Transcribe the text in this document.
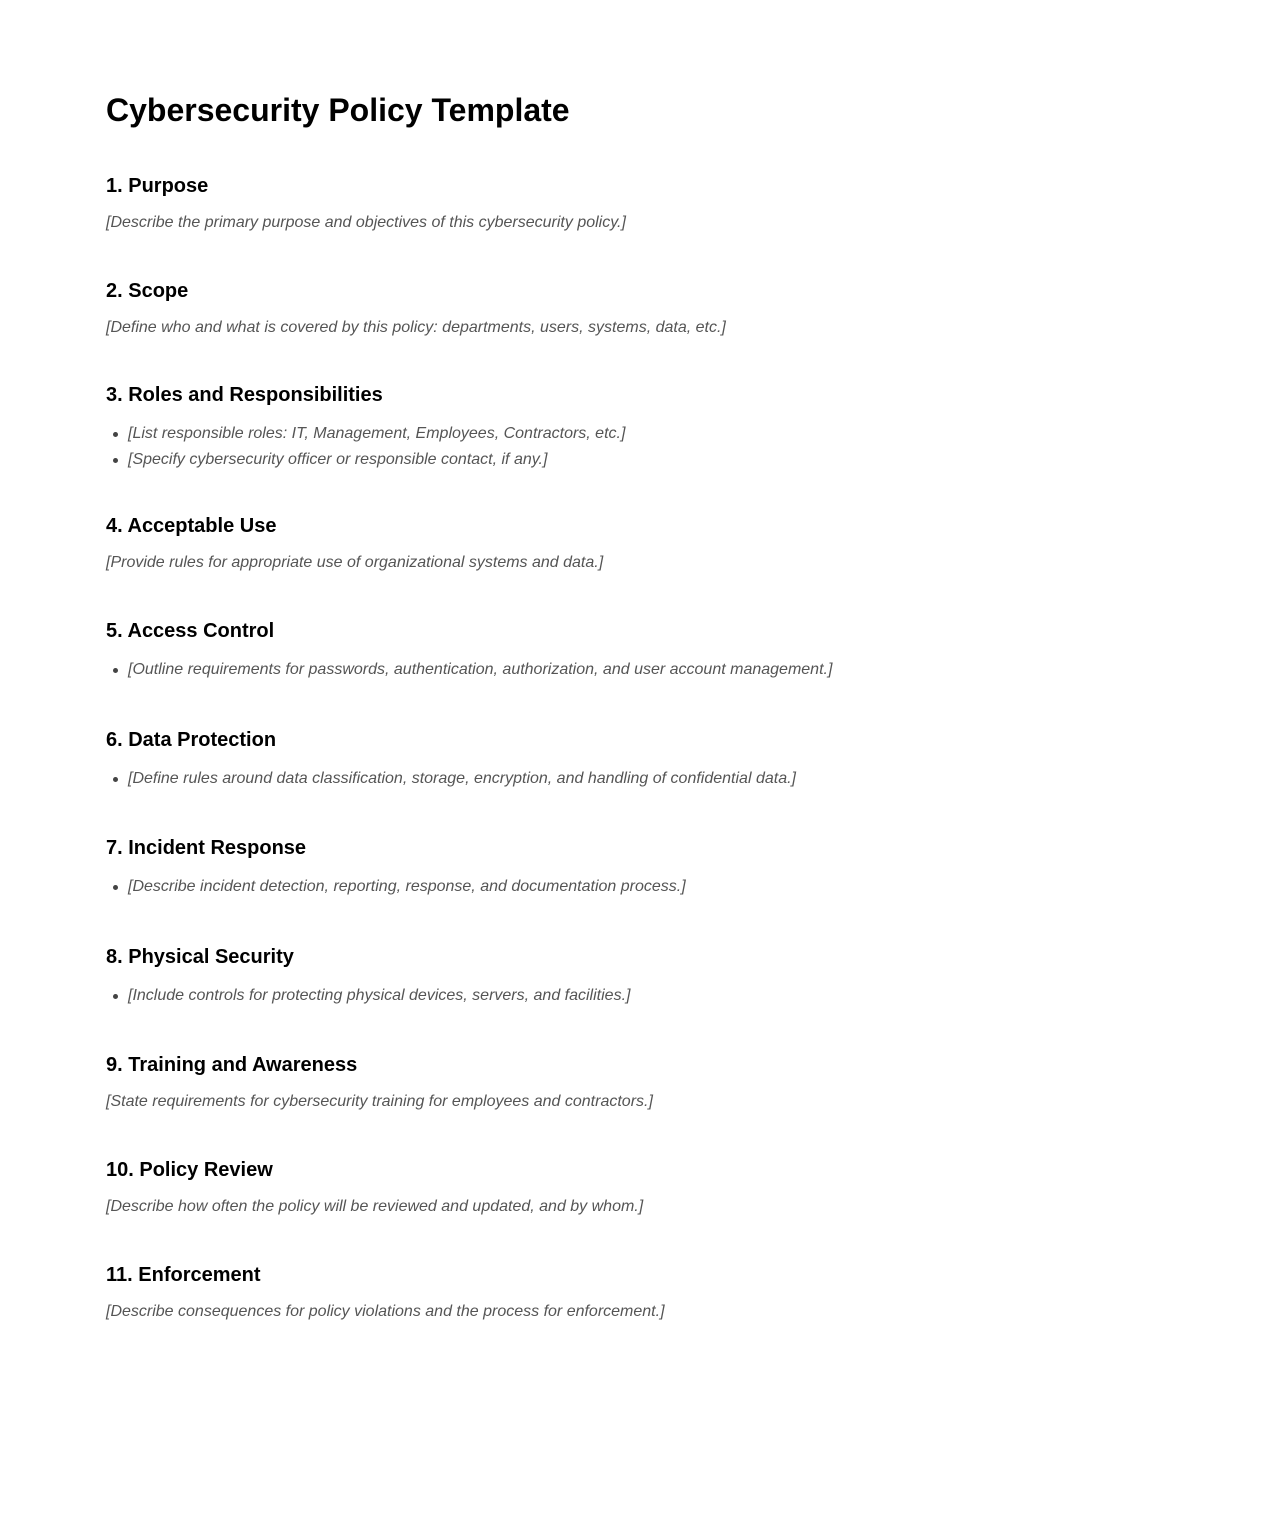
Cybersecurity Policy Template
1. Purpose

[Describe the primary purpose and objectives of this cybersecurity policy.]

2. Scope

[Define who and what is covered by this policy: departments, users, systems, data, etc.]

3. Roles and Responsibilities
[List responsible roles: IT, Management, Employees, Contractors, etc.]
[Specify cybersecurity officer or responsible contact, if any.]
4. Acceptable Use

[Provide rules for appropriate use of organizational systems and data.]

5. Access Control
[Outline requirements for passwords, authentication, authorization, and user account management.]
6. Data Protection
[Define rules around data classification, storage, encryption, and handling of confidential data.]
7. Incident Response
[Describe incident detection, reporting, response, and documentation process.]
8. Physical Security
[Include controls for protecting physical devices, servers, and facilities.]
9. Training and Awareness

[State requirements for cybersecurity training for employees and contractors.]

10. Policy Review

[Describe how often the policy will be reviewed and updated, and by whom.]

11. Enforcement

[Describe consequences for policy violations and the process for enforcement.]
